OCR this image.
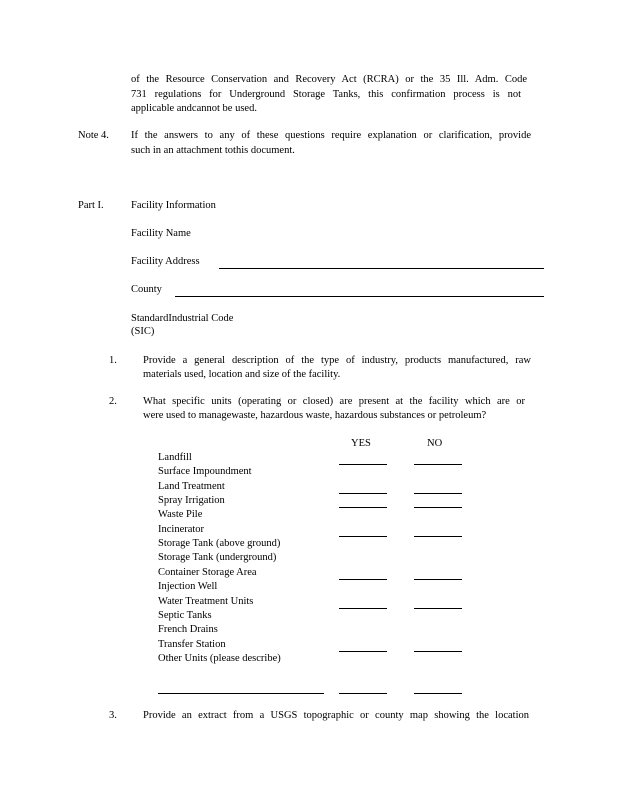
of the Resource Conservation and Recovery Act (RCRA) or the 35 Ill. Adm. Code
731 regulations for Underground Storage Tanks, this confirmation process is not
applicable andcannot be used.
Note 4. If the answers to any of these questions require explanation or clarification, provide
such in an attachment tothis document.
Part I.	Facility Information
Facility Name
Facility Address
County
StandardIndustrial Code
(SIC)
1. Provide a general description of the type of industry, products manufactured, raw
materials used, location and size of the facility.
2. What specific units (operating or closed) are present at the facility which are or
were used to managewaste, hazardous waste, hazardous substances or petroleum?
YES	NO
Landfill
Surface Impoundment
Land Treatment
Spray Irrigation
Waste Pile
Incinerator
Storage Tank (above ground)
Storage Tank (underground)
Container Storage Area
Injection Well
Water Treatment Units
Septic Tanks
French Drains
Transfer Station
Other Units (please describe)
3. Provide an extract from a USGS topographic or county map showing the location
